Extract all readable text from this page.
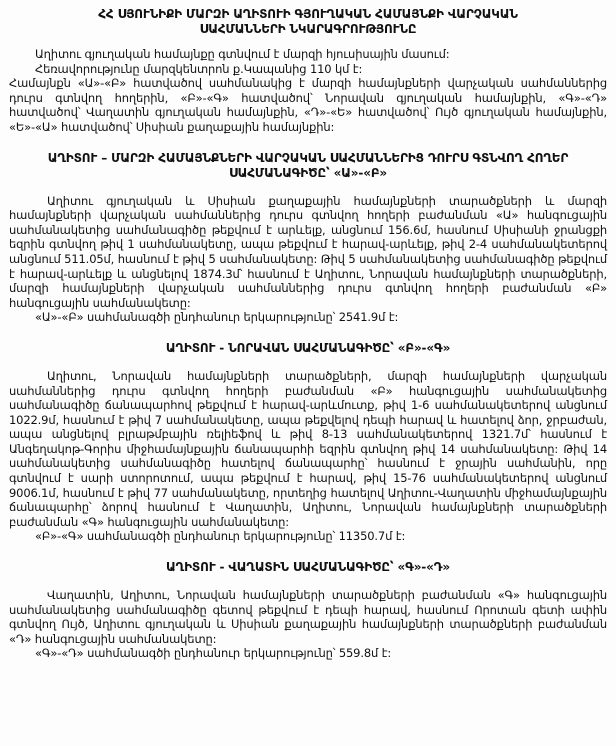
ՀՀ ՍՅՈՒՆԻՔԻ ՄԱՐԶԻ ԱՂԻՏՈՒԻ ԳՅՈՒՂԱԿԱՆ ՀԱՄԱՅՆՔԻ ՎԱՐՉԱԿԱՆ
ՍԱՀՄԱՆՆԵՐԻ ՆԿԱՐԱԳՐՈՒԹՅՈՒՆԸ

Աղիտու գյուղական համայնքը գտնվում է մարզի հյուսիսային մասում:

Հեռավորությունը մարզկենտրոն ք.Կապանից 110 կմ է:

Համայնքն «Ա»-«Բ» հատվածով սահմանակից է մարզի համայնքների վարչական սահմաններից դուրս գտնվող հողերին, «Բ»-«Գ» հատվածով՝ Նորավան գյուղական համայնքին, «Գ»-«Դ» հատվածով՝ Վաղատին գյուղական համայնքին, «Դ»-«Ե» հատվածով՝ Ույծ գյուղական համայնքին, «Ե»-«Ա» հատվածով՝ Սիսիան քաղաքային համայնքին:

ԱՂԻՏՈՒ – ՄԱՐԶԻ ՀԱՄԱՅՆՔՆԵՐԻ ՎԱՐՉԱԿԱՆ ՍԱՀՄԱՆՆԵՐԻՑ ԴՈՒՐՍ ԳՏՆՎՈՂ ՀՈՂԵՐ
ՍԱՀՄԱՆԱԳԻԾԸ՝ «Ա»-«Բ»

Աղիտու գյուղական և Սիսիան քաղաքային համայնքների տարածքների և մարզի համայնքների վարչական սահմաններից դուրս գտնվող հողերի բաժանման «Ա» հանգուցային սահմանակետից սահմանագիծը թեքվում է արևելք, անցնում 156.6մ, հասնում Սիսիանի ջրանցքի եզրին գտնվող թիվ 1 սահմանակետը, ապա թեքվում է հարավ-արևելք, թիվ 2-4 սահմանակետերով անցնում 511.05մ, հասնում է թիվ 5 սահմանակետը: Թիվ 5 սահմանակետից սահմանագիծը թեքվում է հարավ-արևելք և անցնելով 1874.3մ՝ հասնում է Աղիտու, Նորավան համայնքների տարածքների, մարզի համայնքների վարչական սահմաններից դուրս գտնվող հողերի բաժանման «Բ» հանգուցային սահմանակետը:

«Ա»-«Բ» սահմանագծի ընդհանուր երկարությունը՝ 2541.9մ է:

ԱՂԻՏՈՒ - ՆՈՐԱՎԱՆ ՍԱՀՄԱՆԱԳԻԾԸ՝ «Բ»-«Գ»

Աղիտու, Նորավան համայնքների տարածքների, մարզի համայնքների վարչական սահմաններից դուրս գտնվող հողերի բաժանման «Բ» հանգուցային սահմանակետից սահմանագիծը ճանապարհով թեքվում է հարավ-արևմուտք, թիվ 1-6 սահմանակետերով անցնում 1022.9մ, հասնում է թիվ 7 սահմանակետը, ապա թեքվելով դեպի հարավ և հատելով ձոր, ջրբաժան, ապա անցնելով բլրաթմբային ռելիեֆով և թիվ 8-13 սահմանակետերով 1321.7մ՝ հասնում է Անգեղակոթ-Գորիս միջհամայնքային ճանապարհի եզրին գտնվող թիվ 14 սահմանակետը: Թիվ 14 սահմանակետից սահմանագիծը հատելով ճանապարհը՝ հասնում է ջրային սահմանին, որը գտնվում է սարի ստորոտում, ապա թեքվում է հարավ, թիվ 15-76 սահմանակետերով անցնում 9006.1մ, հասնում է թիվ 77 սահմանակետը, որտեղից հատելով Աղիտու-Վաղատին միջհամայնքային ճանապարհը՝ ձորով հասնում է Վաղատին, Աղիտու, Նորավան համայնքների տարածքների բաժանման «Գ» հանգուցային սահմանակետը:

«Բ»-«Գ» սահմանագծի ընդհանուր երկարությունը՝ 11350.7մ է:

ԱՂԻՏՈՒ - ՎԱՂԱՏԻՆ ՍԱՀՄԱՆԱԳԻԾԸ՝ «Գ»-«Դ»

Վաղատին, Աղիտու, Նորավան համայնքների տարածքների բաժանման «Գ» հանգուցային սահմանակետից սահմանագիծը գետով թեքվում է դեպի հարավ, հասնում Որոտան գետի ափին գտնվող Ույծ, Աղիտու գյուղական և Սիսիան քաղաքային համայնքների տարածքների բաժանման «Դ» հանգուցային սահմանակետը:

«Գ»-«Դ» սահմանագծի ընդհանուր երկարությունը՝ 559.8մ է:
